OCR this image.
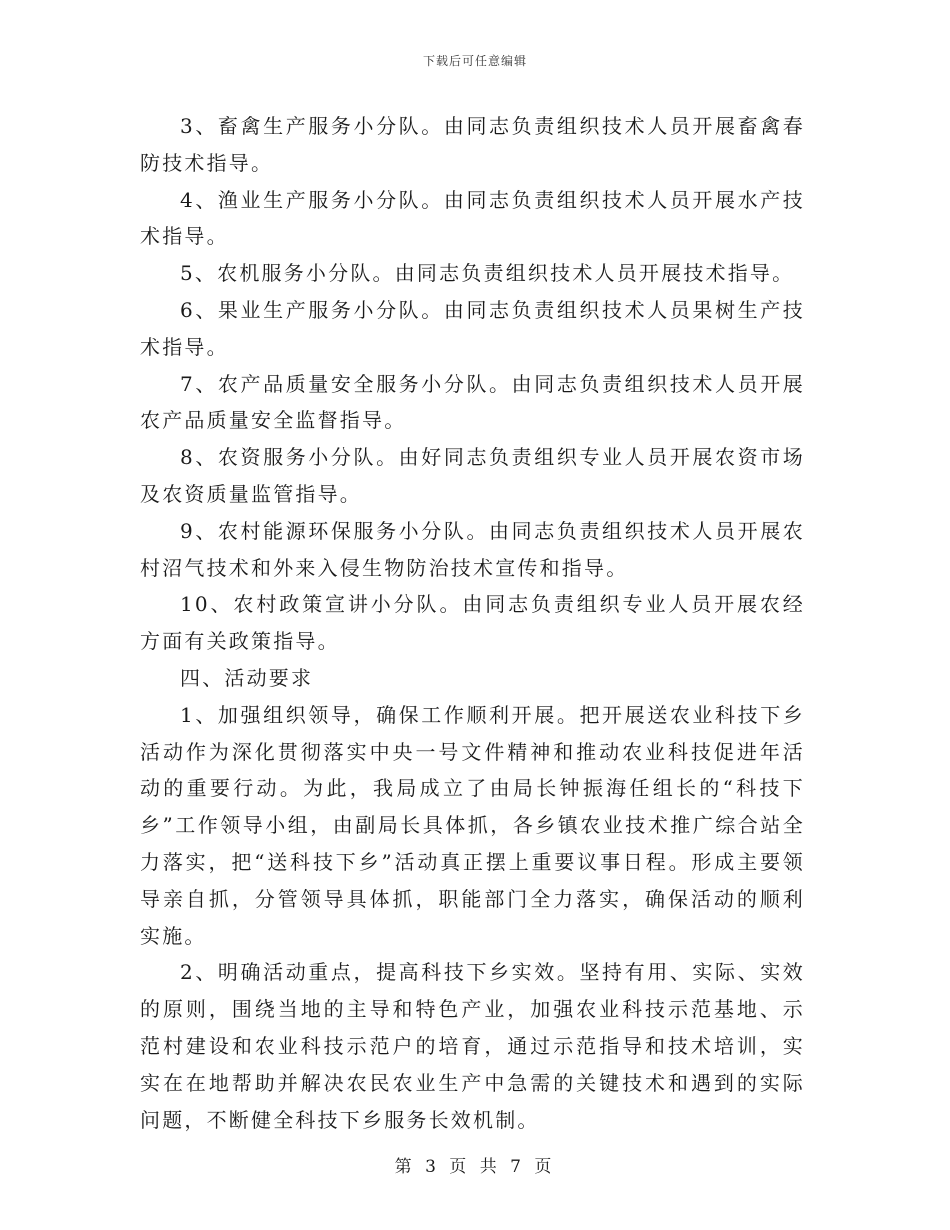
下载后可任意编辑

3、畜禽生产服务小分队。由同志负责组织技术人员开展畜禽春防技术指导。

4、渔业生产服务小分队。由同志负责组织技术人员开展水产技术指导。

5、农机服务小分队。由同志负责组织技术人员开展技术指导。

6、果业生产服务小分队。由同志负责组织技术人员果树生产技术指导。

7、农产品质量安全服务小分队。由同志负责组织技术人员开展农产品质量安全监督指导。

8、农资服务小分队。由好同志负责组织专业人员开展农资市场及农资质量监管指导。

9、农村能源环保服务小分队。由同志负责组织技术人员开展农村沼气技术和外来入侵生物防治技术宣传和指导。

10、农村政策宣讲小分队。由同志负责组织专业人员开展农经方面有关政策指导。

四、活动要求

1、加强组织领导，确保工作顺利开展。把开展送农业科技下乡活动作为深化贯彻落实中央一号文件精神和推动农业科技促进年活动的重要行动。为此，我局成立了由局长钟振海任组长的“科技下乡”工作领导小组，由副局长具体抓，各乡镇农业技术推广综合站全力落实，把“送科技下乡”活动真正摆上重要议事日程。形成主要领导亲自抓，分管领导具体抓，职能部门全力落实，确保活动的顺利实施。

2、明确活动重点，提高科技下乡实效。坚持有用、实际、实效的原则，围绕当地的主导和特色产业，加强农业科技示范基地、示范村建设和农业科技示范户的培育，通过示范指导和技术培训，实实在在地帮助并解决农民农业生产中急需的关键技术和遇到的实际问题，不断健全科技下乡服务长效机制。

第 3 页 共 7 页
